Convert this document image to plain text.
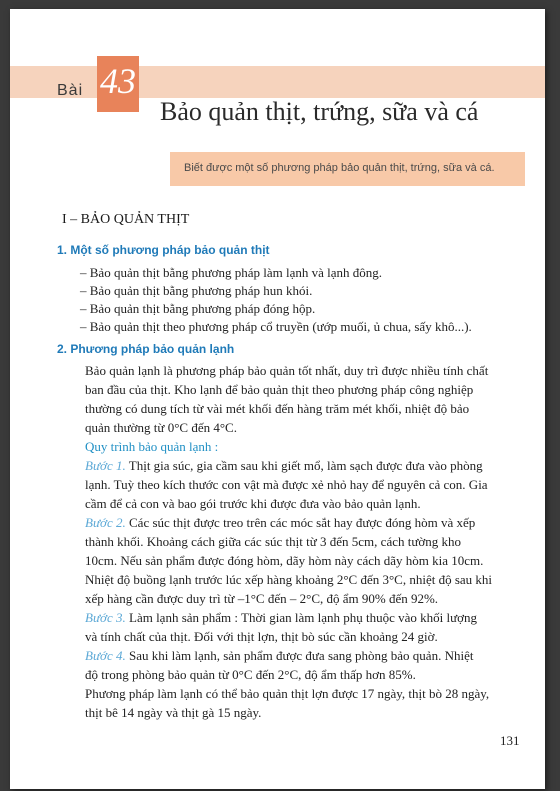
Bài 43
Bảo quản thịt, trứng, sữa và cá
Biết được một số phương pháp bảo quản thịt, trứng, sữa và cá.
I – BẢO QUẢN THỊT
1. Một số phương pháp bảo quản thịt
– Bảo quản thịt bằng phương pháp làm lạnh và lạnh đông.
– Bảo quản thịt bằng phương pháp hun khói.
– Bảo quản thịt bằng phương pháp đóng hộp.
– Bảo quản thịt theo phương pháp cổ truyền (ướp muối, ủ chua, sấy khô...).
2. Phương pháp bảo quản lạnh
Bảo quản lạnh là phương pháp bảo quản tốt nhất, duy trì được nhiều tính chất
ban đầu của thịt. Kho lạnh để bảo quản thịt theo phương pháp công nghiệp
thường có dung tích từ vài mét khối đến hàng trăm mét khối, nhiệt độ bảo
quản thường từ 0°C đến 4°C.
Quy trình bảo quản lạnh :
Bước 1. Thịt gia súc, gia cầm sau khi giết mổ, làm sạch được đưa vào phòng
lạnh. Tuỳ theo kích thước con vật mà được xẻ nhỏ hay để nguyên cả con. Gia
cầm để cả con và bao gói trước khi được đưa vào bảo quản lạnh.
Bước 2. Các súc thịt được treo trên các móc sắt hay được đóng hòm và xếp
thành khối. Khoảng cách giữa các súc thịt từ 3 đến 5cm, cách tường kho
10cm. Nếu sản phẩm được đóng hòm, dãy hòm này cách dãy hòm kia 10cm.
Nhiệt độ buồng lạnh trước lúc xếp hàng khoảng 2°C đến 3°C, nhiệt độ sau khi
xếp hàng cần được duy trì từ –1°C đến – 2°C, độ ẩm 90% đến 92%.
Bước 3. Làm lạnh sản phẩm : Thời gian làm lạnh phụ thuộc vào khối lượng
và tính chất của thịt. Đối với thịt lợn, thịt bò súc cần khoảng 24 giờ.
Bước 4. Sau khi làm lạnh, sản phẩm được đưa sang phòng bảo quản. Nhiệt
độ trong phòng bảo quản từ 0°C đến 2°C, độ ẩm thấp hơn 85%.
Phương pháp làm lạnh có thể bảo quản thịt lợn được 17 ngày, thịt bò 28 ngày,
thịt bê 14 ngày và thịt gà 15 ngày.
131
